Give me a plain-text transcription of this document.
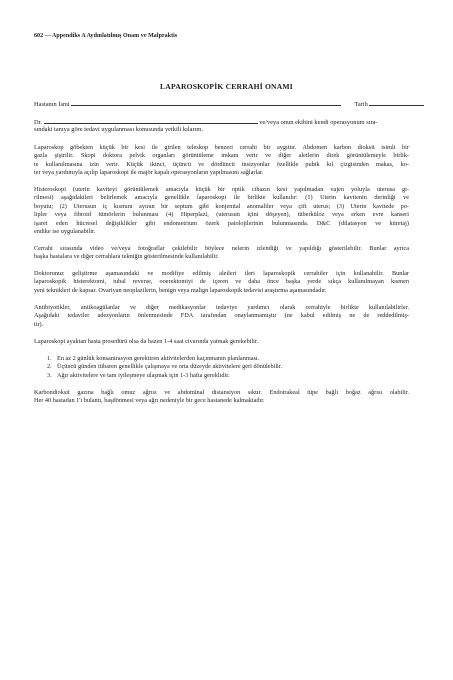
602 — Appendiks A Aydınlatılmış Onam ve Malpraktis
LAPAROSKOPİK CERRAHİ ONAMI
Hastanın İsmi	Tarih
Dr.	ve/veya onun ekibini kendi operasyonum sıra-
sındaki tanıya göre tedavi uygulanması konusunda yetkili kılarım.
Laparoskop göbekten küçük bir kesi ile girilen teleskop benzeri cerrahi bir aygıttır. Abdomen karbon dioksit isimli bir
gazla şişirilir. Skopi doktora pelvik organları görüntüleme imkanı verir ve diğer aletlerin direk görüntülemeyle birlik-
te kullanılmasına izin verir. Küçük ikinci, üçüncü ve dördüncü insizyonlar özellikle pubik kıl çizgisinden makas, ko-
ter veya yardımıyla açılıp laparoskopi ile majör kapalı operasyonların yapılmasını sağlarlar.
Histeroskopi (uterin kaviteyi görüntülemek amacıyla küçük bir optik cihazın kesi yapılmadan vajen yoluyla uterusa gi-
rilmesi) aşağıdakileri belirlemek amacıyla genellikle laparoskopi ile birlikte kullanılır: (1) Uterin kavitenin derinliği ve
boyutu; (2) Uterusun iç kısmını ayıran bir septum gibi konjenital anomaliler veya çift uterus; (3) Uterin kavitede po-
lipler veya fibroid tümörlerin bulunması (4) Hiperplazi, (uterusun içini döşeyen), tüberküloz veya erken evre kanseri
işaret eden hücresel değişiklikler gibi endometrium özerk patolojilerinin bulunmasında. D&C (dilatasyon ve küretaj)
endike ise uygulanabilir.
Cerrahi sırasında video ve/veya fotoğraflar çekilebilir böylece nelerin izlendiği ve yapıldığı gösterilebilir. Bunlar ayrıca
başka hastalara ve diğer cerrahlara tekniğin gösterilmesinde kullanılabilir.
Doktorunuz geliştirme aşamasındaki ve modifiye edilmiş aletleri ileri laparoskopik cerrahiler için kullanabilir. Bunlar
laparoskopik histerektomi, tubal reverse, ooerektomiyi de içeren ve daha önce başka yerde sıkça kullanılmayan kısmen
yeni teknikleri de kapsar. Ovariyan neoplazilerin, benign veya malign laparoskopik tedavisi araştırma aşamasındadır.
Antibiyotikler, antikoagülanlar ve diğer medikasyonlar tedaviye yardımcı olarak cerrahiyle birlikte kullanılabilirler.
Aşağıdaki tedaviler adezyonların önlenmesinde FDA tarafından onaylanmamıştır (ne kabul edilmiş ne de reddedilmiş-
tir).
Laparoskopi ayaktan hasta prosedürü olsa da bazen 1-4 saat civarında yatmak gerekebilir.
1. En az 2 günlük konsantrasyon gerektiren aktivitelerden kaçınmanın planlanması.
2. Üçüncü günden itibaren genellikle çalışmaya ve orta düzeyde aktivitelere geri dönülebilir.
3. Ağır aktivitelere ve tam iyileşmeye ulaşmak için 1-3 hafta gereklidir.
Karbondioksit gazına bağlı omuz ağrısı ve abdominal distansiyon sıktır. Endotrakeal tüpe bağlı boğaz ağrısı olabilir.
Her 40 hastadan 1'i bulantı, başdönmesi veya ağrı nedeniyle bir gece hastanede kalmaktadır.
